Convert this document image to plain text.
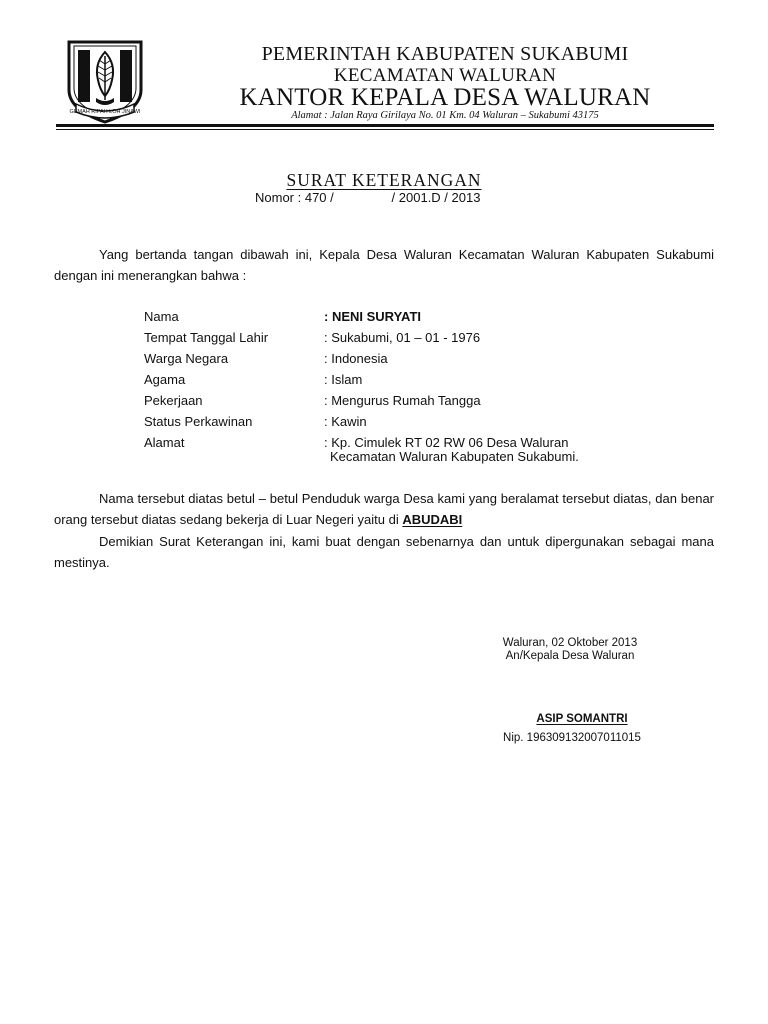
GEMAH RIPAH LOH JINAWI
PEMERINTAH KABUPATEN SUKABUMI
KECAMATAN WALURAN
KANTOR KEPALA DESA WALURAN
Alamat : Jalan Raya Girilaya No. 01 Km. 04 Waluran – Sukabumi 43175
SURAT KETERANGAN
Nomor : 470 /                / 2001.D / 2013
Yang bertanda tangan dibawah ini, Kepala Desa Waluran Kecamatan Waluran Kabupaten Sukabumi dengan ini menerangkan bahwa :
Nama	: NENI SURYATI
Tempat Tanggal Lahir	: Sukabumi, 01 – 01 - 1976
Warga Negara	: Indonesia
Agama	: Islam
Pekerjaan	: Mengurus Rumah Tangga
Status Perkawinan	: Kawin
Alamat	: Kp. Cimulek RT 02 RW 06 Desa Waluran
Kecamatan Waluran Kabupaten Sukabumi.
Nama tersebut diatas betul – betul Penduduk warga Desa kami yang beralamat tersebut diatas, dan benar orang tersebut diatas sedang bekerja di Luar Negeri yaitu di ABUDABI
Demikian Surat Keterangan ini, kami buat dengan sebenarnya dan untuk dipergunakan sebagai mana mestinya.
Waluran, 02 Oktober 2013
An/Kepala Desa Waluran
ASIP SOMANTRI
Nip. 196309132007011015
